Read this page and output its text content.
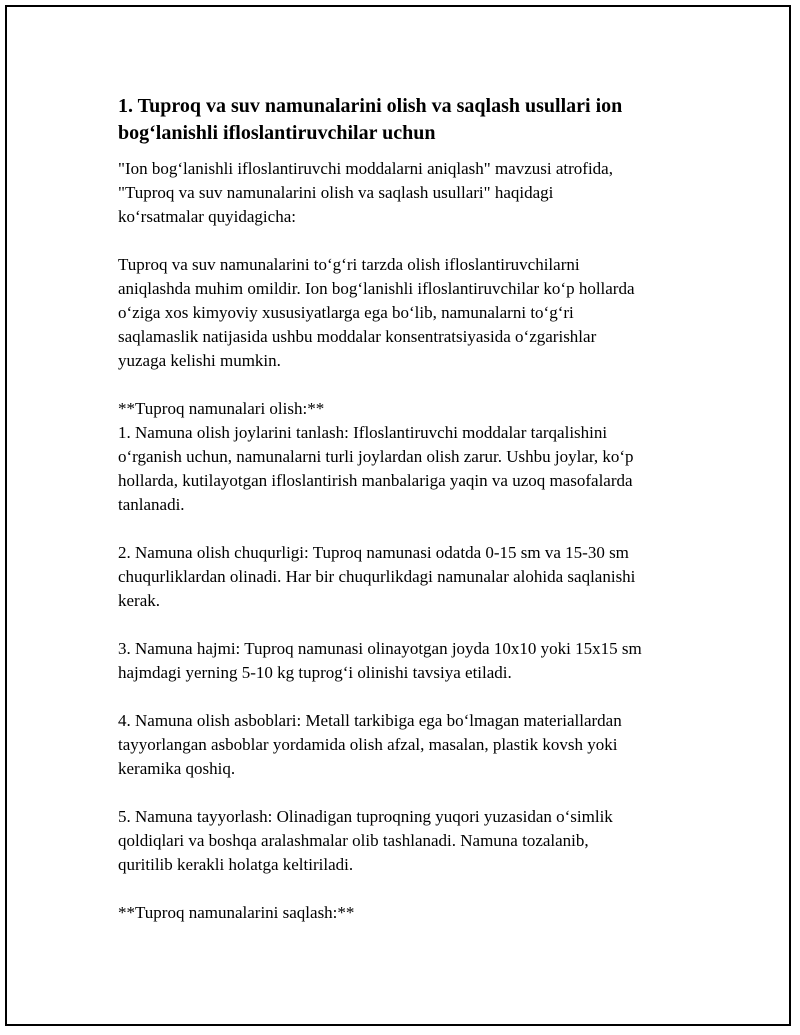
1. Tuproq va suv namunalarini olish va saqlash usullari ion bog‘lanishli ifloslantiruvchilar uchun

"Ion bog‘lanishli ifloslantiruvchi moddalarni aniqlash" mavzusi atrofida,
"Tuproq va suv namunalarini olish va saqlash usullari" haqidagi
ko‘rsatmalar quyidagicha:

Tuproq va suv namunalarini to‘g‘ri tarzda olish ifloslantiruvchilarni
aniqlashda muhim omildir. Ion bog‘lanishli ifloslantiruvchilar ko‘p hollarda
o‘ziga xos kimyoviy xususiyatlarga ega bo‘lib, namunalarni to‘g‘ri
saqlamaslik natijasida ushbu moddalar konsentratsiyasida o‘zgarishlar
yuzaga kelishi mumkin.

**Tuproq namunalari olish:**
1. Namuna olish joylarini tanlash: Ifloslantiruvchi moddalar tarqalishini
o‘rganish uchun, namunalarni turli joylardan olish zarur. Ushbu joylar, ko‘p
hollarda, kutilayotgan ifloslantirish manbalariga yaqin va uzoq masofalarda
tanlanadi.

2. Namuna olish chuqurligi: Tuproq namunasi odatda 0-15 sm va 15-30 sm
chuqurliklardan olinadi. Har bir chuqurlikdagi namunalar alohida saqlanishi
kerak.

3. Namuna hajmi: Tuproq namunasi olinayotgan joyda 10x10 yoki 15x15 sm
hajmdagi yerning 5-10 kg tuprog‘i olinishi tavsiya etiladi.

4. Namuna olish asboblari: Metall tarkibiga ega bo‘lmagan materiallardan
tayyorlangan asboblar yordamida olish afzal, masalan, plastik kovsh yoki
keramika qoshiq.

5. Namuna tayyorlash: Olinadigan tuproqning yuqori yuzasidan o‘simlik
qoldiqlari va boshqa aralashmalar olib tashlanadi. Namuna tozalanib,
quritilib kerakli holatga keltiriladi.

**Tuproq namunalarini saqlash:**
